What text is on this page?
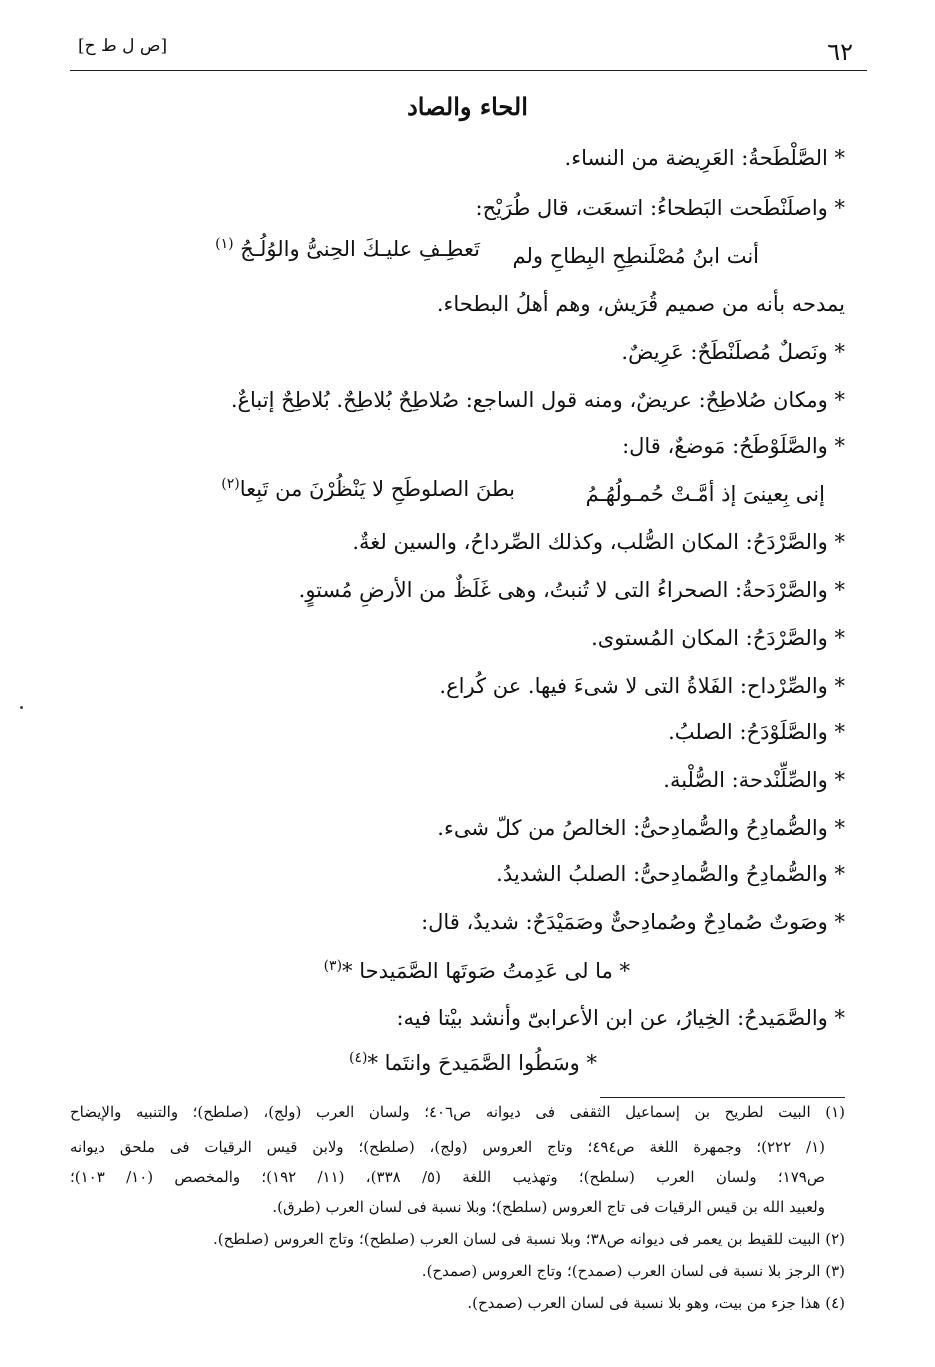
٦٢
[ص ل ط ح]
الحاء والصاد
* الصَّلْطَحةُ: العَرِيضة من النساء.
* واصلَنْطَحت البَطحاءُ: اتسعَت، قال طُرَيْح:
أنت ابنُ مُصْلَنطِحِ البِطاحِ ولم
تَعطِـفِ عليـكَ الحِنىُّ والوُلُـجُ $^{(١)}$
يمدحه بأنه من صميم قُرَيش، وهم أهلُ البطحاء.
* ونَصلٌ مُصلَنْطَحٌ: عَرِيضٌ.
* ومكان صُلاطِحٌ: عريضٌ، ومنه قول الساجع: صُلاطِحٌ بُلاطِحٌ. بُلاطِحٌ إتباعٌ.
* والصَّلَوْطَحُ: مَوضعٌ، قال:
إنى بِعينىَ إذ أمَّـتْ حُمـولُهُـمُ
بطنَ الصلوطَحِ لا يَنْظُرْنَ من تَبِعا$^{(٢)}$
* والصَّرْدَحُ: المكان الصُّلب، وكذلك الصِّرداحُ، والسين لغةٌ.
* والصَّرْدَحةُ: الصحراءُ التى لا تُنبتُ، وهى غَلَظٌ من الأرضِ مُستوٍ.
* والصَّرْدَحُ: المكان المُستوى.
* والصِّرْداح: الفَلاةُ التى لا شىءَ فيها. عن كُراع.
* والصَّلَوْدَحُ: الصلبُ.
* والصِّلِّنْدحة: الصُّلْبة.
* والصُّمادِحُ والصُّمادِحىُّ: الخالصُ من كلّ شىء.
* والصُّمادِحُ والصُّمادِحىُّ: الصلبُ الشديدُ.
* وصَوتٌ صُمادِحٌ وصُمادِحىٌّ وصَمَيْدَحٌ: شديدٌ، قال:
* ما لى عَدِمتُ صَوتَها الصَّمَيدحا *$^{(٣)}$
* والصَّمَيدحُ: الخِيارُ، عن ابن الأعرابىّ وأنشد بيْتا فيه:
* وسَطُوا الصَّمَيدحَ وانتَما *$^{(٤)}$
(١) البيت لطريح بن إسماعيل الثقفى فى ديوانه ص٤٠٦؛ ولسان العرب (ولج)، (صلطح)؛ والتنبيه والإيضاح
(١/ ٢٢٢)؛ وجمهرة اللغة ص٤٩٤؛ وتاج العروس (ولج)، (صلطح)؛ ولابن قيس الرقيات فى ملحق ديوانه
ص١٧٩؛ ولسان العرب (سلطح)؛ وتهذيب اللغة (٥/ ٣٣٨)، (١١/ ١٩٢)؛ والمخصص (١٠/ ١٠٣)؛
ولعبيد الله بن قيس الرقيات فى تاج العروس (سلطح)؛ وبلا نسبة فى لسان العرب (طرق).
(٢) البيت للقيط بن يعمر فى ديوانه ص٣٨؛ وبلا نسبة فى لسان العرب (صلطح)؛ وتاج العروس (صلطح).
(٣) الرجز بلا نسبة فى لسان العرب (صمدح)؛ وتاج العروس (صمدح).
(٤) هذا جزء من بيت، وهو بلا نسبة فى لسان العرب (صمدح).
